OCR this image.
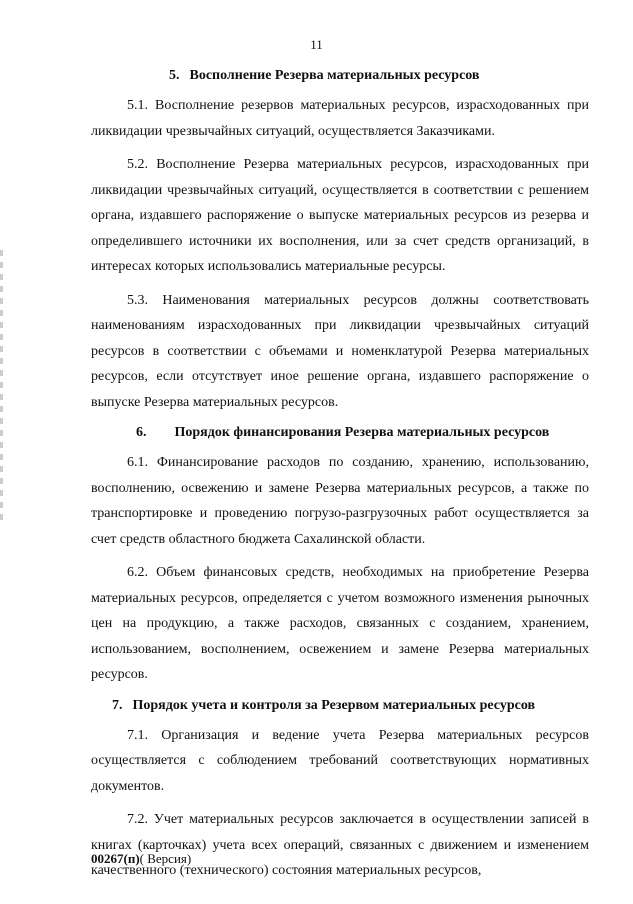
11
5. Восполнение Резерва материальных ресурсов

5.1. Восполнение резервов материальных ресурсов, израсходованных при ликвидации чрезвычайных ситуаций, осуществляется Заказчиками.

5.2. Восполнение Резерва материальных ресурсов, израсходованных при ликвидации чрезвычайных ситуаций, осуществляется в соответствии с решением органа, издавшего распоряжение о выпуске материальных ресурсов из резерва и определившего источники их восполнения, или за счет средств организаций, в интересах которых использовались материальные ресурсы.

5.3. Наименования материальных ресурсов должны соответствовать наименованиям израсходованных при ликвидации чрезвычайных ситуаций ресурсов в соответствии с объемами и номенклатурой Резерва материальных ресурсов, если отсутствует иное решение органа, издавшего распоряжение о выпуске Резерва материальных ресурсов.

6. Порядок финансирования Резерва материальных ресурсов

6.1. Финансирование расходов по созданию, хранению, использованию, восполнению, освежению и замене Резерва материальных ресурсов, а также по транспортировке и проведению погрузо-разгрузочных работ осуществляется за счет средств областного бюджета Сахалинской области.

6.2. Объем финансовых средств, необходимых на приобретение Резерва материальных ресурсов, определяется с учетом возможного изменения рыночных цен на продукцию, а также расходов, связанных с созданием, хранением, использованием, восполнением, освежением и замене Резерва материальных ресурсов.

7. Порядок учета и контроля за Резервом материальных ресурсов

7.1. Организация и ведение учета Резерва материальных ресурсов осуществляется с соблюдением требований соответствующих нормативных документов.

7.2. Учет материальных ресурсов заключается в осуществлении записей в книгах (карточках) учета всех операций, связанных с движением и изменением качественного (технического) состояния материальных ресурсов,

00267(п)( Версия)
